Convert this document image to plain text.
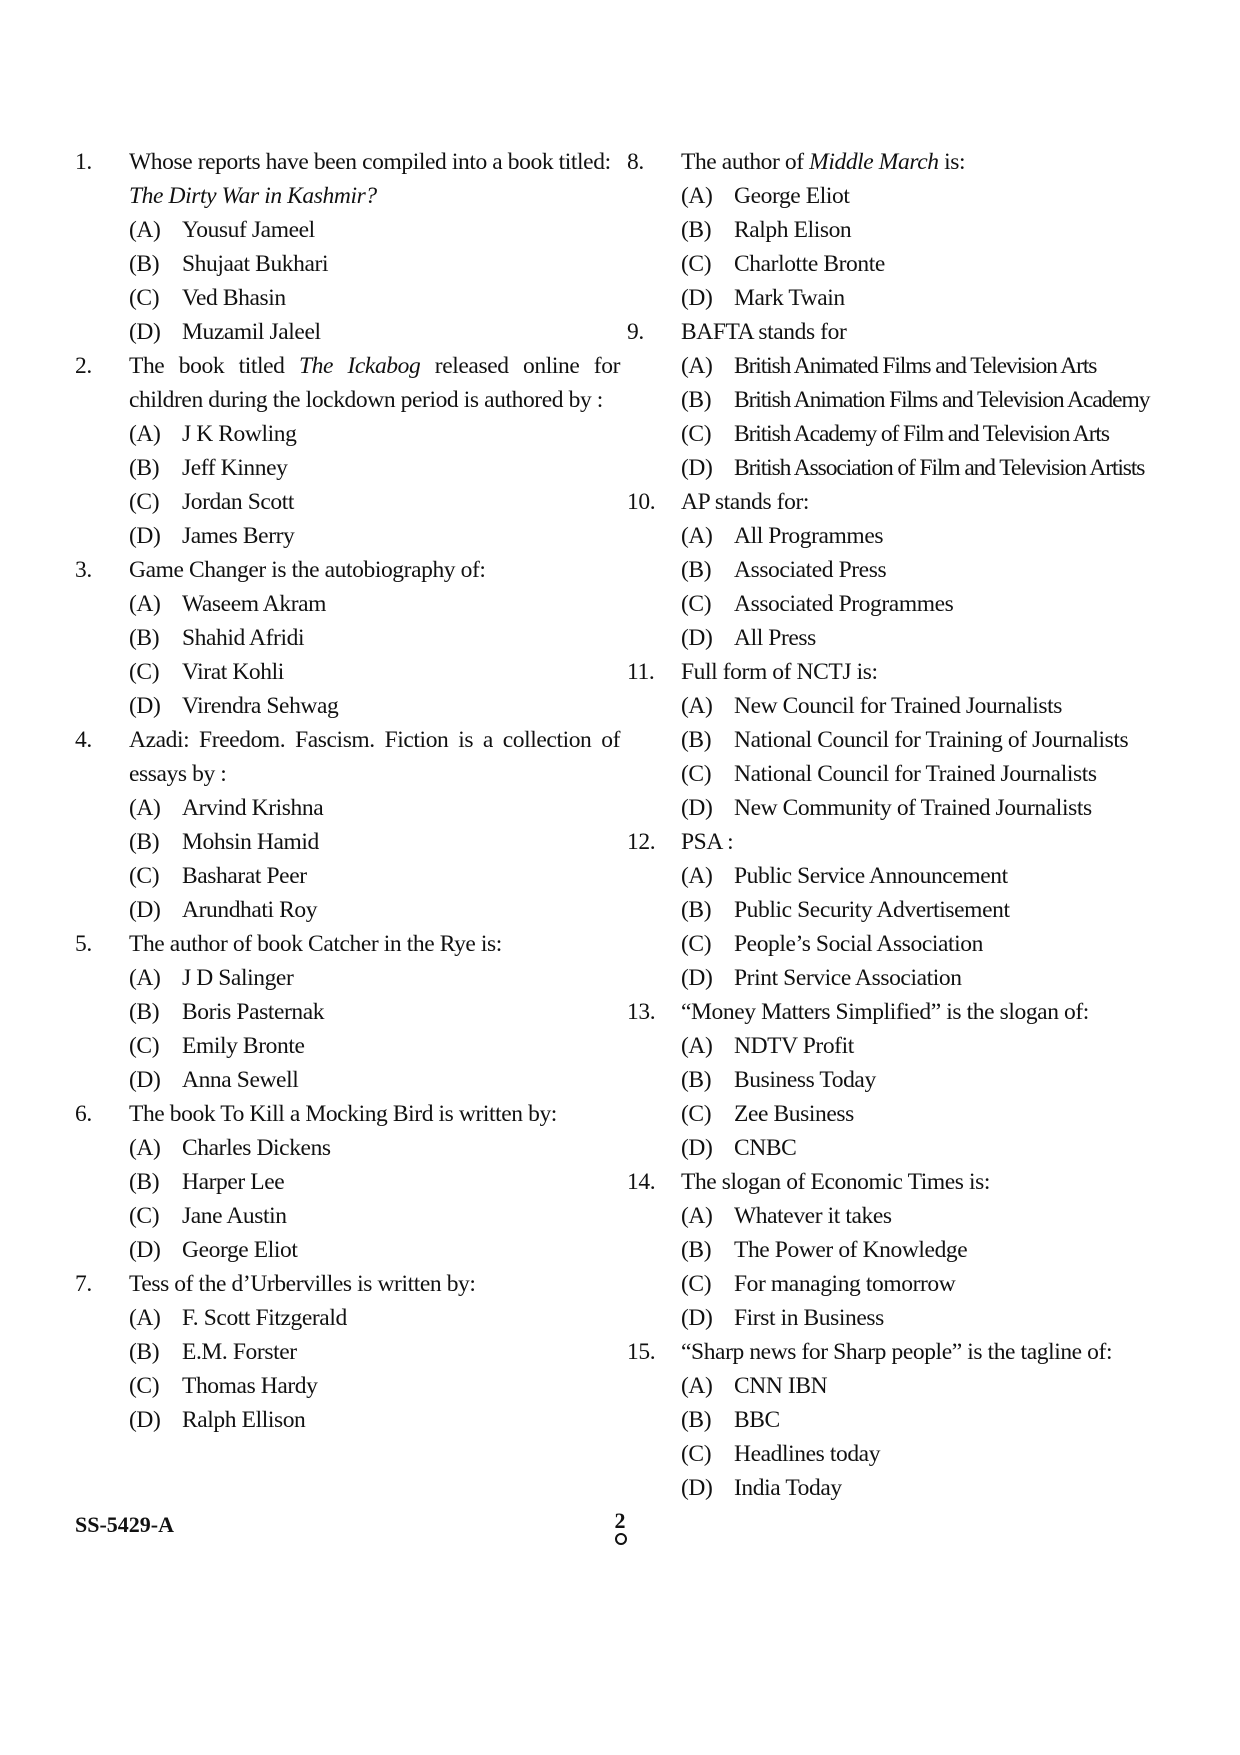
1.	Whose reports have been compiled into a book titled: The Dirty War in Kashmir?
(A) Yousuf Jameel
(B) Shujaat Bukhari
(C) Ved Bhasin
(D) Muzamil Jaleel
2.	The book titled The Ickabog released online for children during the lockdown period is authored by :
(A) J K Rowling
(B) Jeff Kinney
(C) Jordan Scott
(D) James Berry
3.	Game Changer is the autobiography of:
(A) Waseem Akram
(B) Shahid Afridi
(C) Virat Kohli
(D) Virendra Sehwag
4.	Azadi: Freedom. Fascism. Fiction is a collection of essays by :
(A) Arvind Krishna
(B) Mohsin Hamid
(C) Basharat Peer
(D) Arundhati Roy
5.	The author of book Catcher in the Rye is:
(A) J D Salinger
(B) Boris Pasternak
(C) Emily Bronte
(D) Anna Sewell
6.	The book To Kill a Mocking Bird is written by:
(A) Charles Dickens
(B) Harper Lee
(C) Jane Austin
(D) George Eliot
7.	Tess of the d’Urbervilles is written by:
(A) F. Scott Fitzgerald
(B) E.M. Forster
(C) Thomas Hardy
(D) Ralph Ellison
8.	The author of Middle March is:
(A) George Eliot
(B) Ralph Elison
(C) Charlotte Bronte
(D) Mark Twain
9.	BAFTA stands for
(A) British Animated Films and Television Arts
(B) British Animation Films and Television Academy
(C) British Academy of Film and Television Arts
(D) British Association of Film and Television Artists
10.	AP stands for:
(A) All Programmes
(B) Associated Press
(C) Associated Programmes
(D) All Press
11.	Full form of NCTJ is:
(A) New Council for Trained Journalists
(B) National Council for Training of Journalists
(C) National Council for Trained Journalists
(D) New Community of Trained Journalists
12.	PSA :
(A) Public Service Announcement
(B) Public Security Advertisement
(C) People’s Social Association
(D) Print Service Association
13.	“Money Matters Simplified” is the slogan of:
(A) NDTV Profit
(B) Business Today
(C) Zee Business
(D) CNBC
14.	The slogan of Economic Times is:
(A) Whatever it takes
(B) The Power of Knowledge
(C) For managing tomorrow
(D) First in Business
15.	“Sharp news for Sharp people” is the tagline of:
(A) CNN IBN
(B) BBC
(C) Headlines today
(D) India Today
SS-5429-A	2
